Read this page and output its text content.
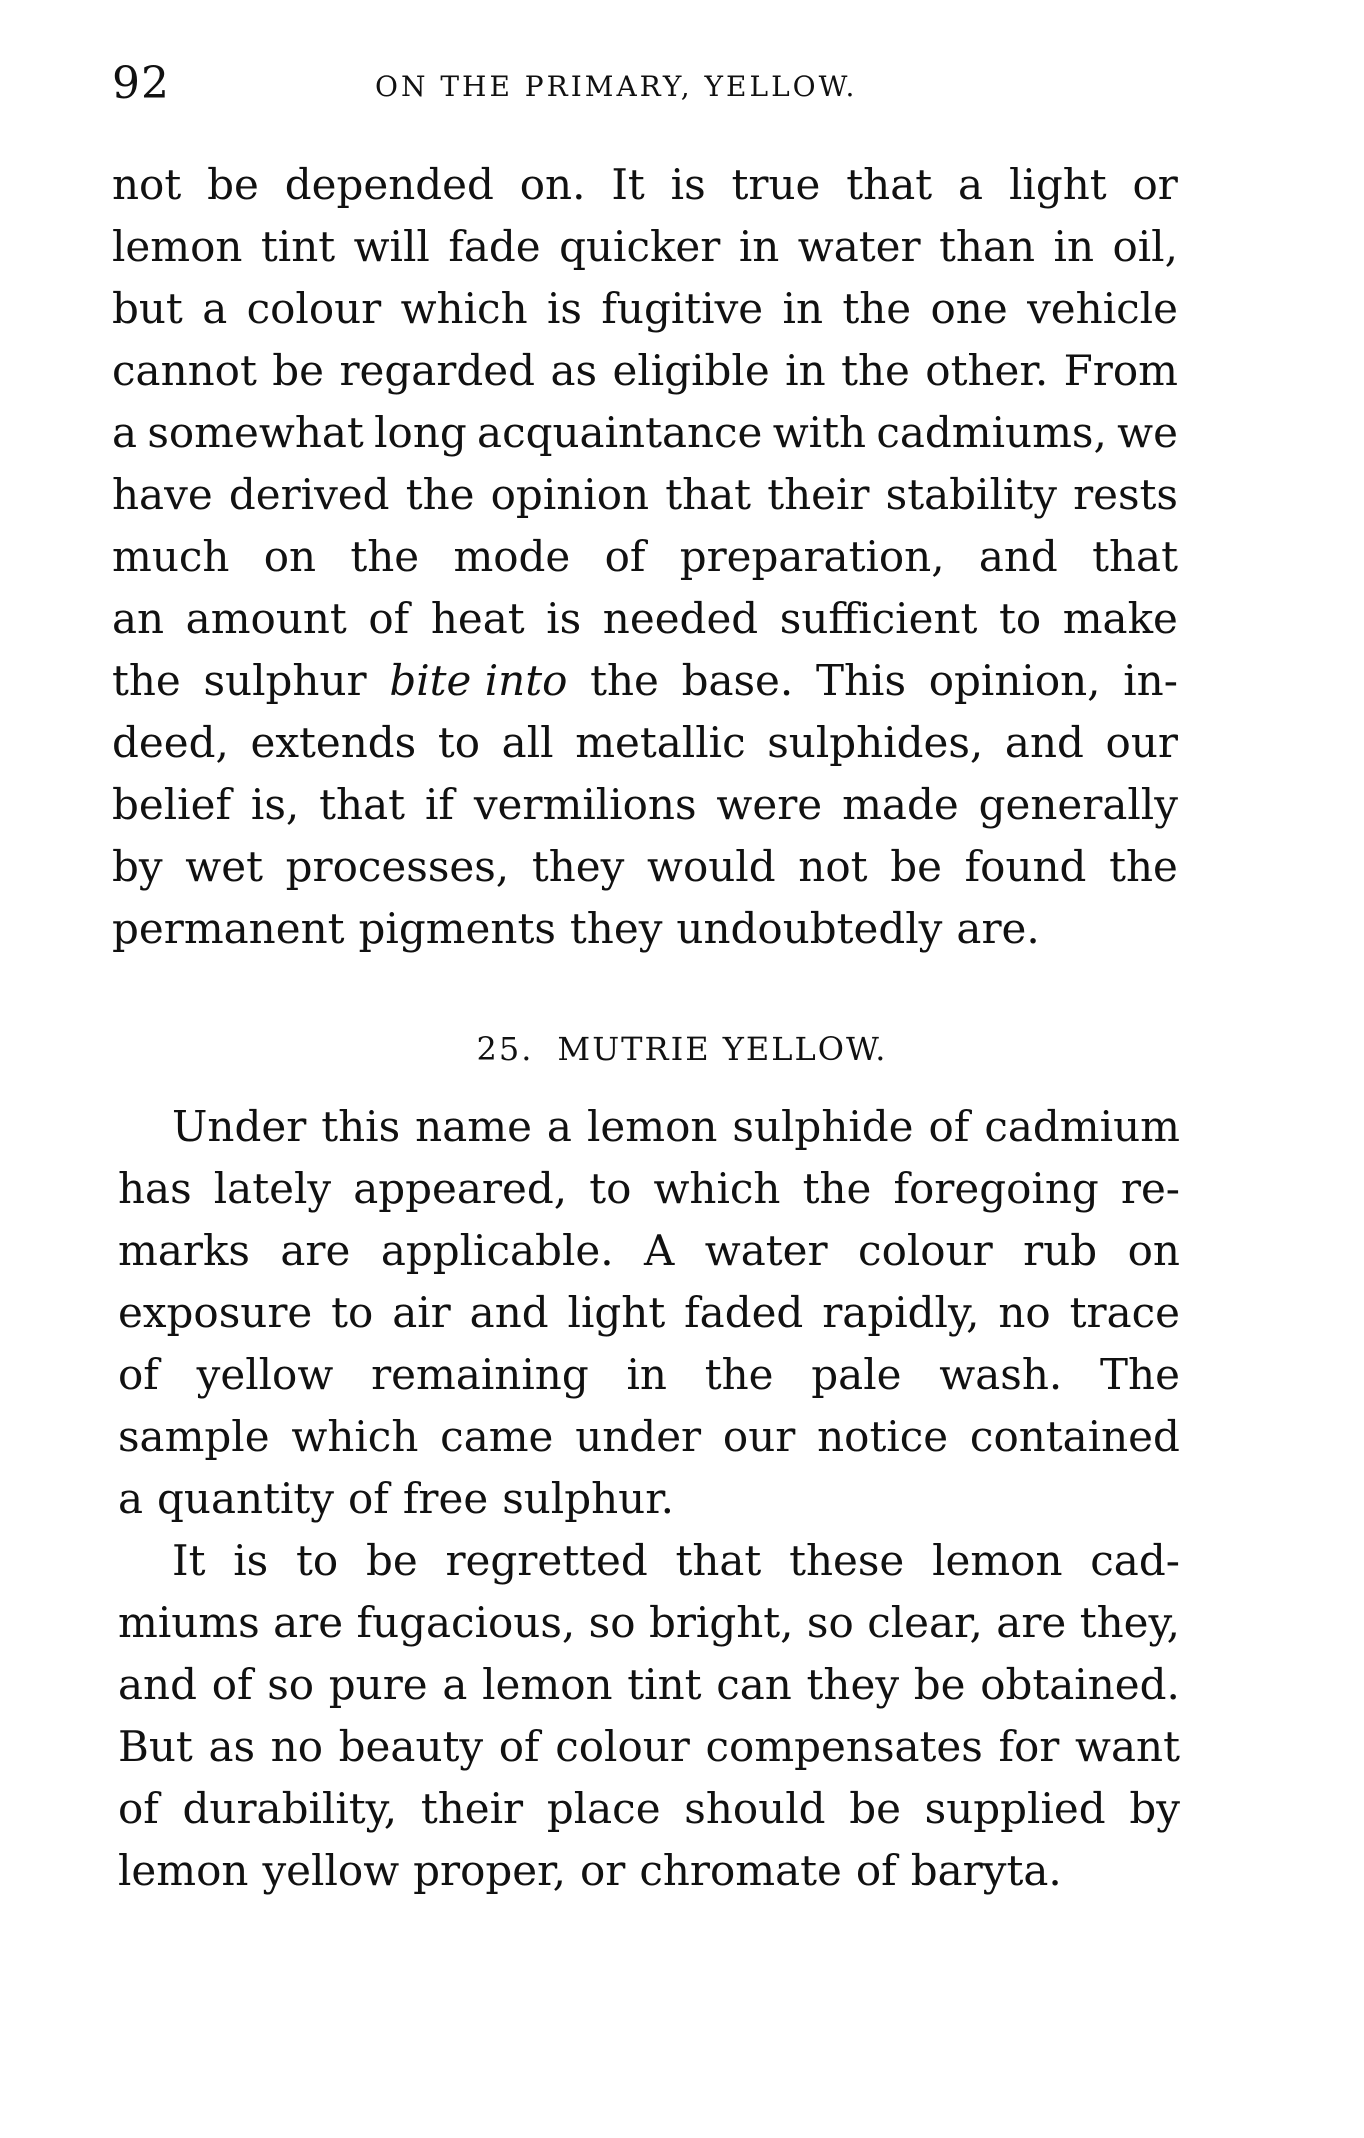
92	ON THE PRIMARY, YELLOW.
not be depended on. It is true that a light or
lemon tint will fade quicker in water than in oil,
but a colour which is fugitive in the one vehicle
cannot be regarded as eligible in the other. From
a somewhat long acquaintance with cadmiums, we
have derived the opinion that their stability rests
much on the mode of preparation, and that
an amount of heat is needed sufficient to make
the sulphur bite into the base. This opinion, in-
deed, extends to all metallic sulphides, and our
belief is, that if vermilions were made generally
by wet processes, they would not be found the
permanent pigments they undoubtedly are.
25. MUTRIE YELLOW.
Under this name a lemon sulphide of cadmium
has lately appeared, to which the foregoing re-
marks are applicable. A water colour rub on
exposure to air and light faded rapidly, no trace
of yellow remaining in the pale wash. The
sample which came under our notice contained
a quantity of free sulphur.
It is to be regretted that these lemon cad-
miums are fugacious, so bright, so clear, are they,
and of so pure a lemon tint can they be obtained.
But as no beauty of colour compensates for want
of durability, their place should be supplied by
lemon yellow proper, or chromate of baryta.
